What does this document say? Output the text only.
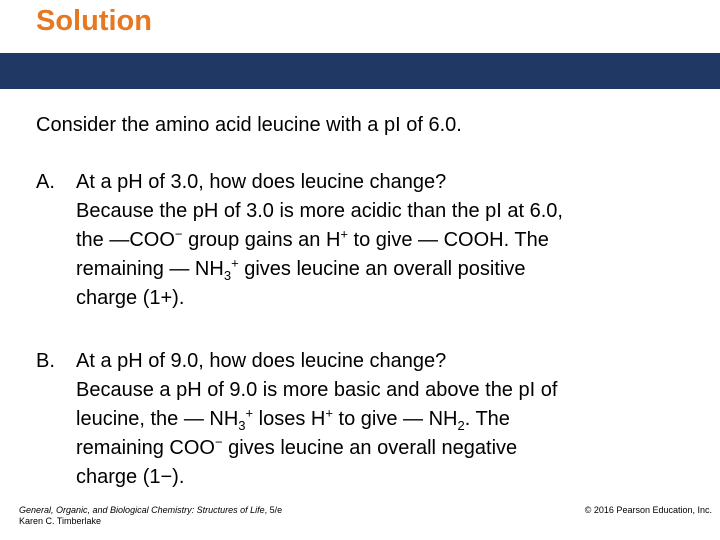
Solution

Consider the amino acid leucine with a pI of 6.0.

A.	At a pH of 3.0, how does leucine change?
Because the pH of 3.0 is more acidic than the pI at 6.0,
the —COO− group gains an H+ to give — COOH. The
remaining — $NH_3^+$ gives leucine an overall positive
charge (1+).
B.	At a pH of 9.0, how does leucine change?
Because a pH of 9.0 is more basic and above the pI of
leucine, the — $NH_3^+$ loses H+ to give — $NH_2$. The
remaining COO− gives leucine an overall negative
charge (1−).
General, Organic, and Biological Chemistry: Structures of Life, 5/e
Karen C. Timberlake
© 2016 Pearson Education, Inc.
